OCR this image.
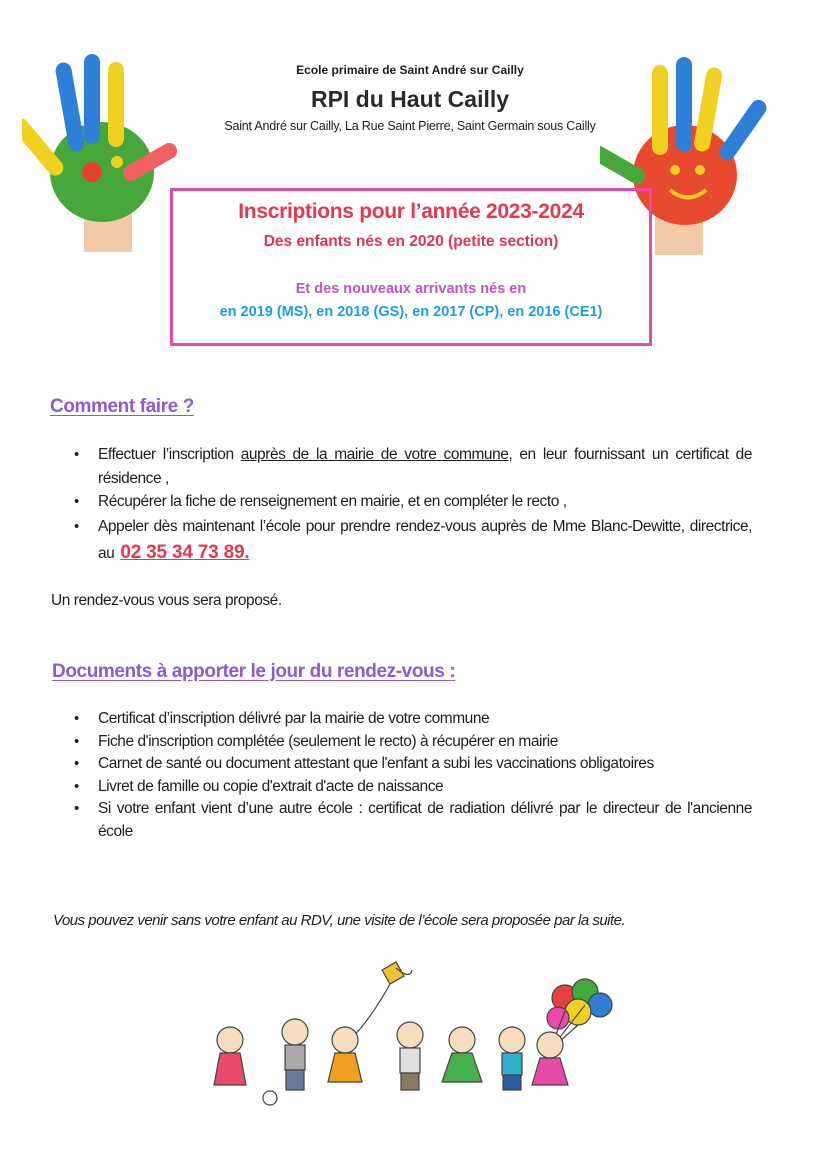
Ecole primaire de Saint André sur Cailly
RPI du Haut Cailly
Saint André sur Cailly, La Rue Saint Pierre, Saint Germain sous Cailly
Inscriptions pour l’année 2023-2024
Des enfants nés en 2020 (petite section)
Et des nouveaux arrivants nés en
en 2019 (MS), en 2018 (GS), en 2017 (CP), en 2016 (CE1)
Comment faire ?
• Effectuer l’inscription auprès de la mairie de votre commune, en leur fournissant un certificat de résidence ,
• Récupérer la fiche de renseignement en mairie, et en compléter le recto ,
• Appeler dès maintenant l’école pour prendre rendez-vous auprès de Mme Blanc-Dewitte, directrice, au 02 35 34 73 89.
Un rendez-vous vous sera proposé.
Documents à apporter le jour du rendez-vous :
• Certificat d’inscription délivré par la mairie de votre commune
• Fiche d'inscription complétée (seulement le recto) à récupérer en mairie
• Carnet de santé ou document attestant que l'enfant a subi les vaccinations obligatoires
• Livret de famille ou copie d'extrait d'acte de naissance
• Si votre enfant vient d’une autre école : certificat de radiation délivré par le directeur de l'ancienne école
Vous pouvez venir sans votre enfant au RDV, une visite de l’école sera proposée par la suite.
